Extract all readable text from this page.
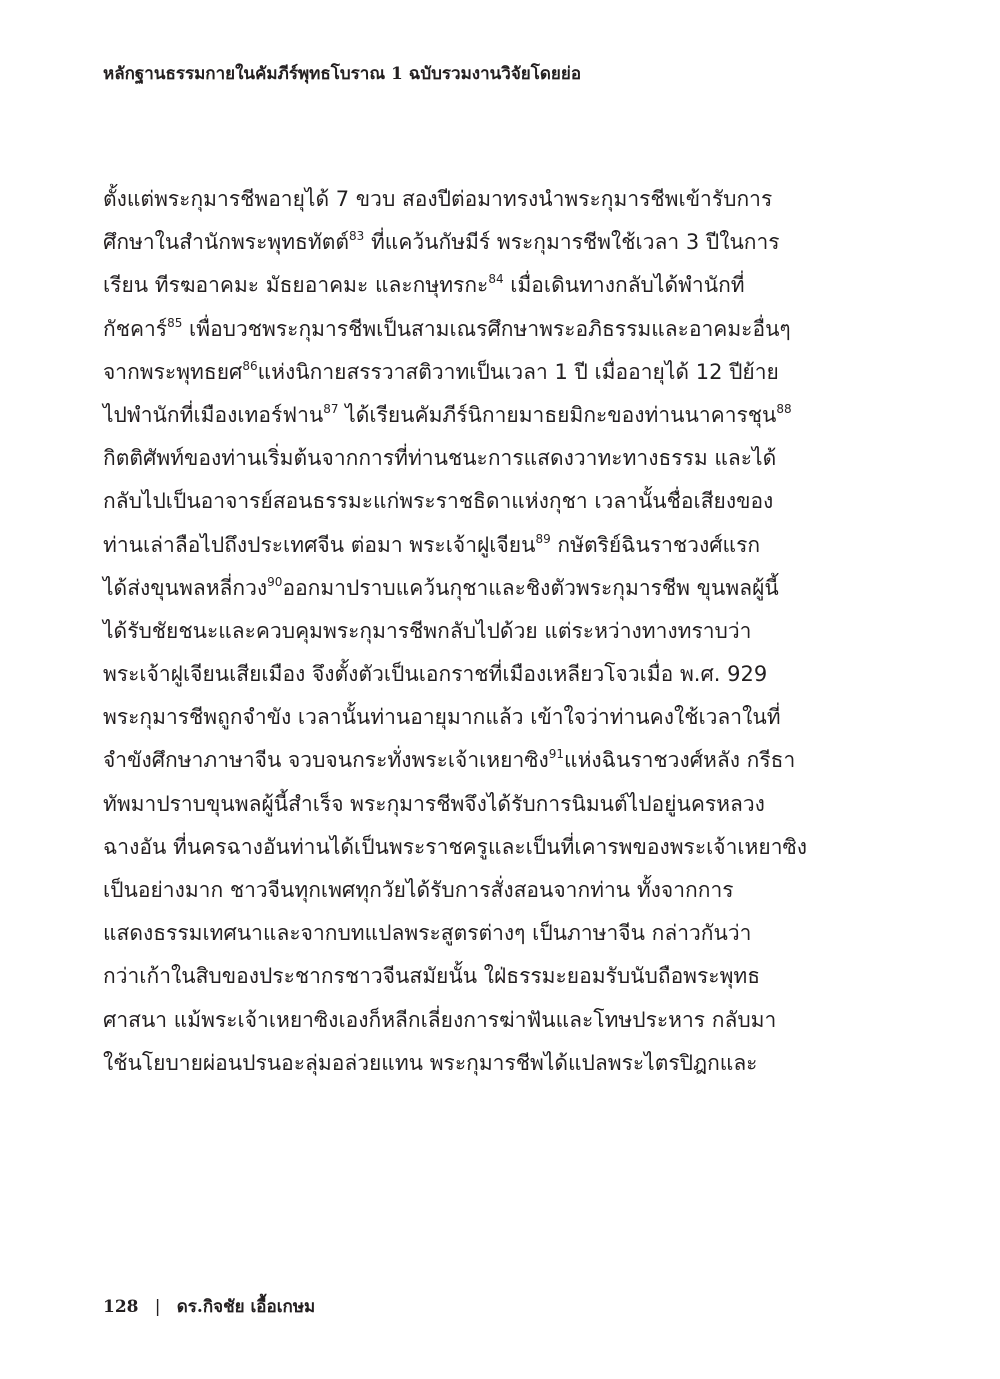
หลักฐานธรรมกายในคัมภีร์พุทธโบราณ 1 ฉบับรวมงานวิจัยโดยย่อ
ตั้งแต่พระกุมารชีพอายุได้ 7 ขวบ สองปีต่อมาทรงนำพระกุมารชีพเข้ารับการ
ศึกษาในสำนักพระพุทธทัตต์$^{83}$ ที่แคว้นกัษมีร์ พระกุมารชีพใช้เวลา 3 ปีในการ
เรียน ทีรฆอาคมะ มัธยอาคมะ และกษุทรกะ$^{84}$ เมื่อเดินทางกลับได้พำนักที่
กัชคาร์$^{85}$ เพื่อบวชพระกุมารชีพเป็นสามเณรศึกษาพระอภิธรรมและอาคมะอื่นๆ
จากพระพุทธยศ$^{86}$แห่งนิกายสรรวาสติวาทเป็นเวลา 1 ปี เมื่ออายุได้ 12 ปีย้าย
ไปพำนักที่เมืองเทอร์ฟาน$^{87}$ ได้เรียนคัมภีร์นิกายมาธยมิกะของท่านนาคารชุน$^{88}$
กิตติศัพท์ของท่านเริ่มต้นจากการที่ท่านชนะการแสดงวาทะทางธรรม และได้
กลับไปเป็นอาจารย์สอนธรรมะแก่พระราชธิดาแห่งกุชา เวลานั้นชื่อเสียงของ
ท่านเล่าลือไปถึงประเทศจีน ต่อมา พระเจ้าฝูเจียน$^{89}$ กษัตริย์ฉินราชวงศ์แรก
ได้ส่งขุนพลหลี่กวง$^{90}$ออกมาปราบแคว้นกุชาและชิงตัวพระกุมารชีพ ขุนพลผู้นี้
ได้รับชัยชนะและควบคุมพระกุมารชีพกลับไปด้วย แต่ระหว่างทางทราบว่า
พระเจ้าฝูเจียนเสียเมือง จึงตั้งตัวเป็นเอกราชที่เมืองเหลียวโจวเมื่อ พ.ศ. 929
พระกุมารชีพถูกจำขัง เวลานั้นท่านอายุมากแล้ว เข้าใจว่าท่านคงใช้เวลาในที่
จำขังศึกษาภาษาจีน จวบจนกระทั่งพระเจ้าเหยาซิง$^{91}$แห่งฉินราชวงศ์หลัง กรีธา
ทัพมาปราบขุนพลผู้นี้สำเร็จ พระกุมารชีพจึงได้รับการนิมนต์ไปอยู่นครหลวง
ฉางอัน ที่นครฉางอันท่านได้เป็นพระราชครูและเป็นที่เคารพของพระเจ้าเหยาซิง
เป็นอย่างมาก ชาวจีนทุกเพศทุกวัยได้รับการสั่งสอนจากท่าน ทั้งจากการ
แสดงธรรมเทศนาและจากบทแปลพระสูตรต่างๆ เป็นภาษาจีน กล่าวกันว่า
กว่าเก้าในสิบของประชากรชาวจีนสมัยนั้น ใฝ่ธรรมะยอมรับนับถือพระพุทธ
ศาสนา แม้พระเจ้าเหยาซิงเองก็หลีกเลี่ยงการฆ่าฟันและโทษประหาร กลับมา
ใช้นโยบายผ่อนปรนอะลุ่มอล่วยแทน พระกุมารชีพได้แปลพระไตรปิฎกและ
128 | ดร.กิจชัย เอื้อเกษม
